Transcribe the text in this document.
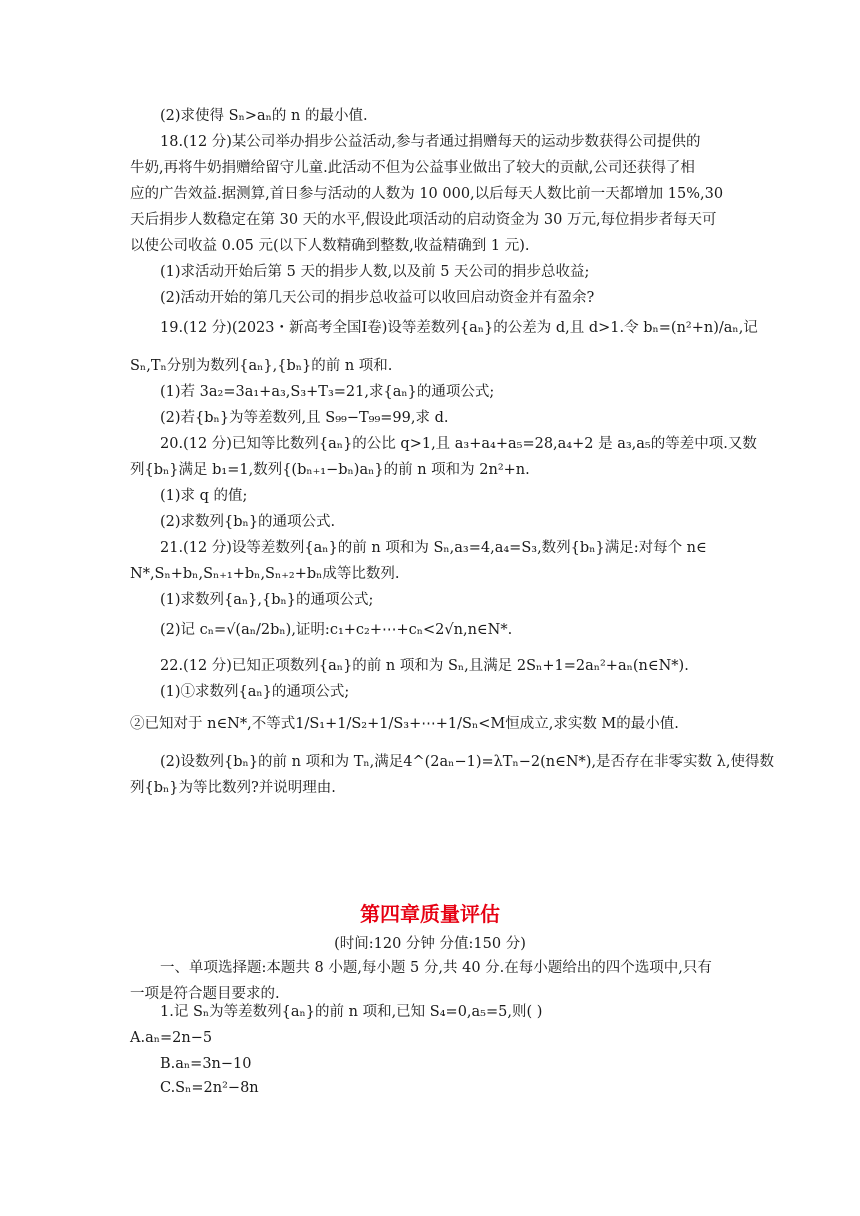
(2)求使得 Sₙ>aₙ的 n 的最小值.
18.(12 分)某公司举办捐步公益活动,参与者通过捐赠每天的运动步数获得公司提供的
牛奶,再将牛奶捐赠给留守儿童.此活动不但为公益事业做出了较大的贡献,公司还获得了相
应的广告效益.据测算,首日参与活动的人数为 10 000,以后每天人数比前一天都增加 15%,30
天后捐步人数稳定在第 30 天的水平,假设此项活动的启动资金为 30 万元,每位捐步者每天可
以使公司收益 0.05 元(以下人数精确到整数,收益精确到 1 元).
(1)求活动开始后第 5 天的捐步人数,以及前 5 天公司的捐步总收益;
(2)活动开始的第几天公司的捐步总收益可以收回启动资金并有盈余?
19.(12 分)(2023・新高考全国Ⅰ卷)设等差数列{aₙ}的公差为 d,且 d>1.令 bₙ=(n²+n)/aₙ,记
Sₙ,Tₙ分别为数列{aₙ},{bₙ}的前 n 项和.
(1)若 3a₂=3a₁+a₃,S₃+T₃=21,求{aₙ}的通项公式;
(2)若{bₙ}为等差数列,且 S₉₉−T₉₉=99,求 d.
20.(12 分)已知等比数列{aₙ}的公比 q>1,且 a₃+a₄+a₅=28,a₄+2 是 a₃,a₅的等差中项.又数
列{bₙ}满足 b₁=1,数列{(bₙ₊₁−bₙ)aₙ}的前 n 项和为 2n²+n.
(1)求 q 的值;
(2)求数列{bₙ}的通项公式.
21.(12 分)设等差数列{aₙ}的前 n 项和为 Sₙ,a₃=4,a₄=S₃,数列{bₙ}满足:对每个 n∈
N*,Sₙ+bₙ,Sₙ₊₁+bₙ,Sₙ₊₂+bₙ成等比数列.
(1)求数列{aₙ},{bₙ}的通项公式;
(2)记 cₙ=√(aₙ/2bₙ),证明:c₁+c₂+⋯+cₙ<2√n,n∈N*.
22.(12 分)已知正项数列{aₙ}的前 n 项和为 Sₙ,且满足 2Sₙ+1=2aₙ²+aₙ(n∈N*).
(1)①求数列{aₙ}的通项公式;
②已知对于 n∈N*,不等式1/S₁+1/S₂+1/S₃+⋯+1/Sₙ<M恒成立,求实数 M的最小值.
(2)设数列{bₙ}的前 n 项和为 Tₙ,满足4^(2aₙ−1)=λTₙ−2(n∈N*),是否存在非零实数 λ,使得数
列{bₙ}为等比数列?并说明理由.
第四章质量评估
(时间:120 分钟 分值:150 分)
一、单项选择题:本题共 8 小题,每小题 5 分,共 40 分.在每小题给出的四个选项中,只有
一项是符合题目要求的.
1.记 Sₙ为等差数列{aₙ}的前 n 项和,已知 S₄=0,a₅=5,则( )
A.aₙ=2n−5
B.aₙ=3n−10
C.Sₙ=2n²−8n
